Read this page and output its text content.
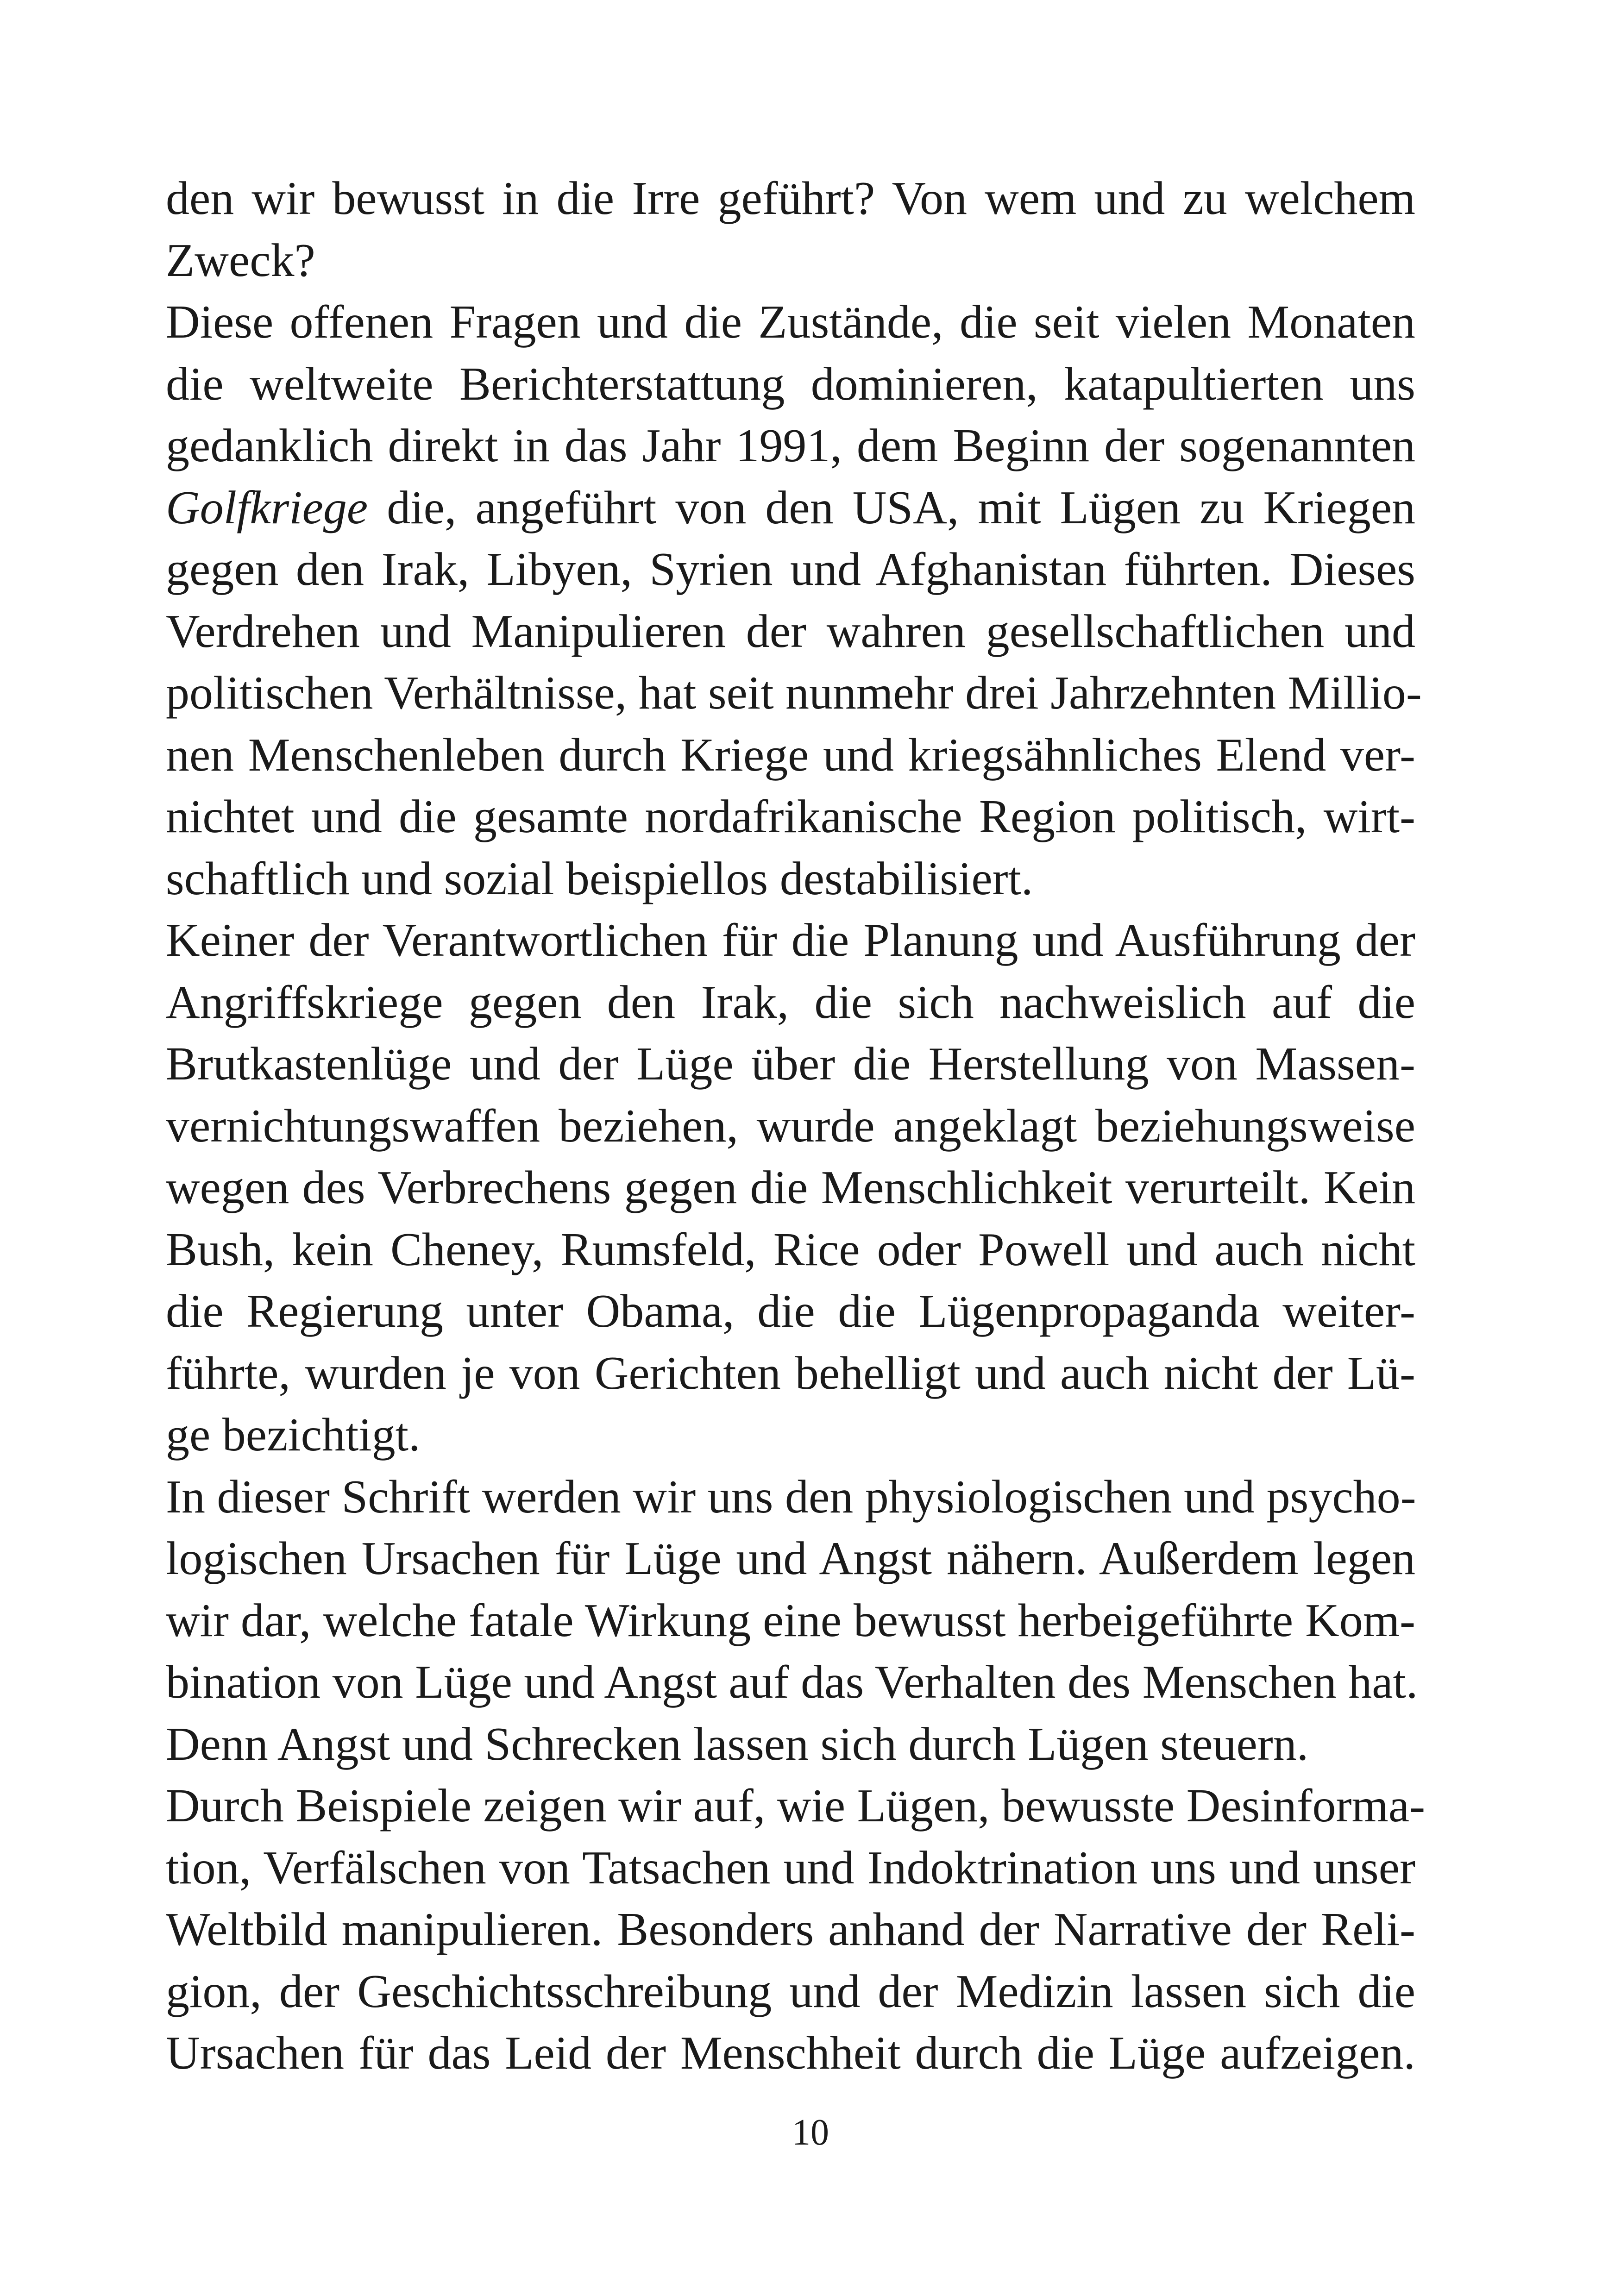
den wir bewusst in die Irre geführt? Von wem und zu welchem
Zweck?
Diese offenen Fragen und die Zustände, die seit vielen Monaten
die weltweite Berichterstattung dominieren, katapultierten uns
gedanklich direkt in das Jahr 1991, dem Beginn der sogenannten
Golfkriege die, angeführt von den USA, mit Lügen zu Kriegen
gegen den Irak, Libyen, Syrien und Afghanistan führten. Dieses
Verdrehen und Manipulieren der wahren gesellschaftlichen und
politischen Verhältnisse, hat seit nunmehr drei Jahrzehnten Millio-
nen Menschenleben durch Kriege und kriegsähnliches Elend ver-
nichtet und die gesamte nordafrikanische Region politisch, wirt-
schaftlich und sozial beispiellos destabilisiert.
Keiner der Verantwortlichen für die Planung und Ausführung der
Angriffskriege gegen den Irak, die sich nachweislich auf die
Brutkastenlüge und der Lüge über die Herstellung von Massen-
vernichtungswaffen beziehen, wurde angeklagt beziehungsweise
wegen des Verbrechens gegen die Menschlichkeit verurteilt. Kein
Bush, kein Cheney, Rumsfeld, Rice oder Powell und auch nicht
die Regierung unter Obama, die die Lügenpropaganda weiter-
führte, wurden je von Gerichten behelligt und auch nicht der Lü-
ge bezichtigt.
In dieser Schrift werden wir uns den physiologischen und psycho-
logischen Ursachen für Lüge und Angst nähern. Außerdem legen
wir dar, welche fatale Wirkung eine bewusst herbeigeführte Kom-
bination von Lüge und Angst auf das Verhalten des Menschen hat.
Denn Angst und Schrecken lassen sich durch Lügen steuern.
Durch Beispiele zeigen wir auf, wie Lügen, bewusste Desinforma-
tion, Verfälschen von Tatsachen und Indoktrination uns und unser
Weltbild manipulieren. Besonders anhand der Narrative der Reli-
gion, der Geschichtsschreibung und der Medizin lassen sich die
Ursachen für das Leid der Menschheit durch die Lüge aufzeigen.
10
